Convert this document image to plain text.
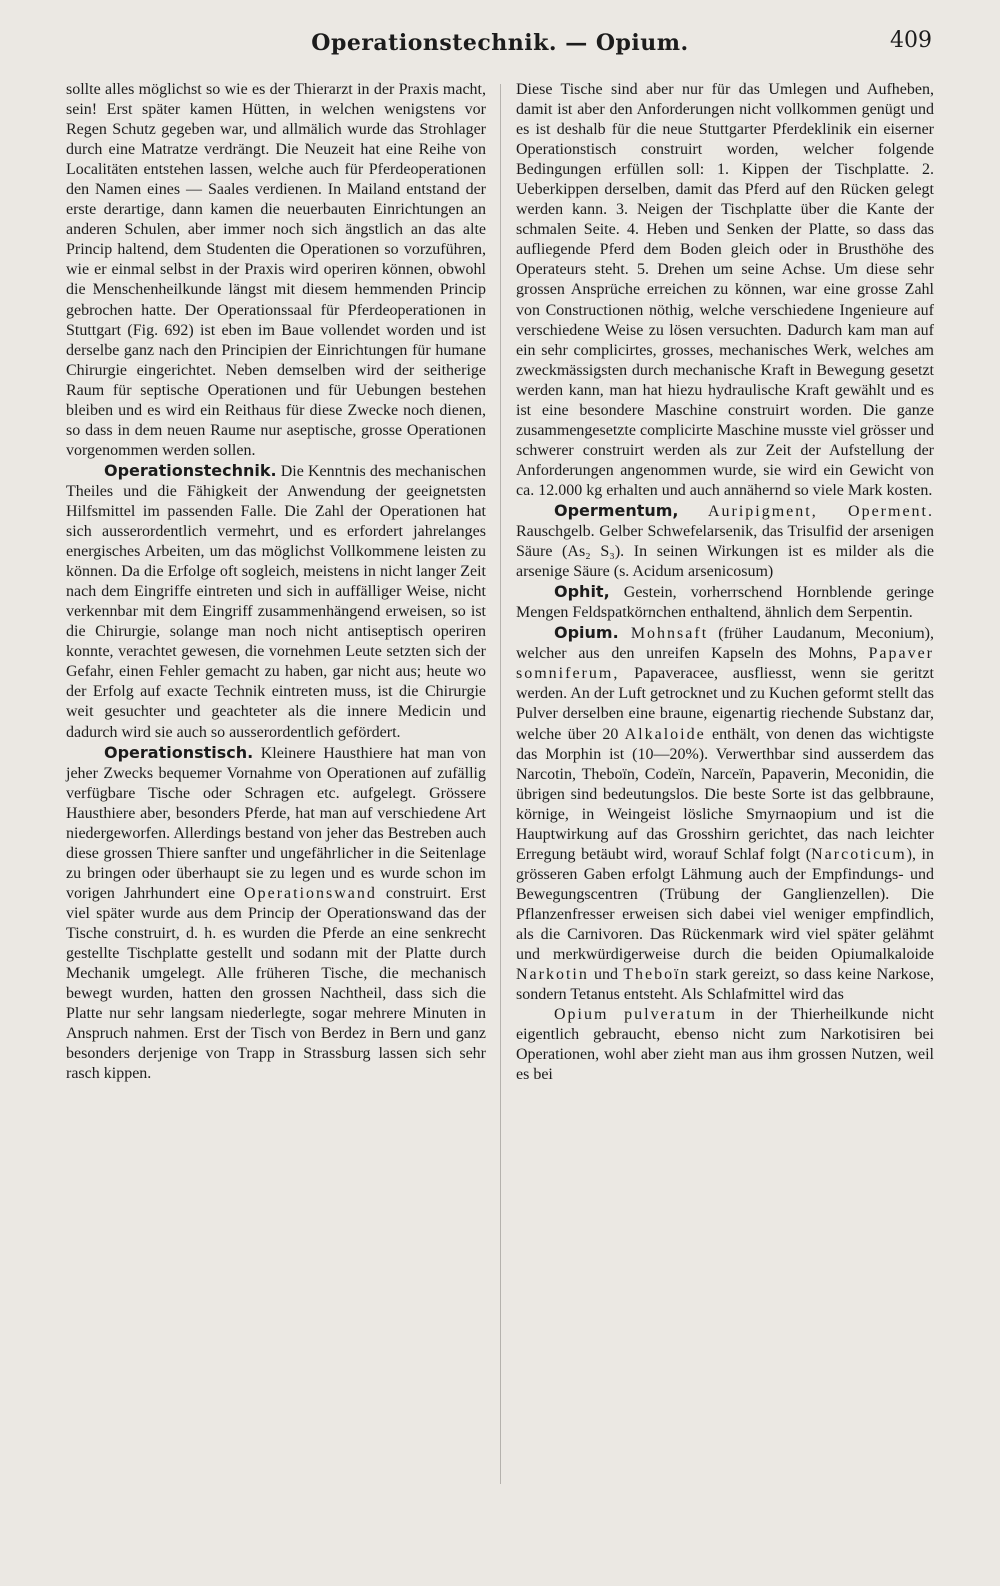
Operationstechnik. — Opium.	409

sollte alles möglichst so wie es der Thierarzt in der Praxis macht, sein! Erst später kamen Hütten, in welchen wenigstens vor Regen Schutz gegeben war, und allmälich wurde das Strohlager durch eine Matratze verdrängt. Die Neuzeit hat eine Reihe von Localitäten entstehen lassen, welche auch für Pferdeoperationen den Namen eines — Saales verdienen. In Mailand entstand der erste derartige, dann kamen die neuerbauten Einrichtungen an anderen Schulen, aber immer noch sich ängstlich an das alte Princip haltend, dem Studenten die Operationen so vorzuführen, wie er einmal selbst in der Praxis wird operiren können, obwohl die Menschenheilkunde längst mit diesem hemmenden Princip gebrochen hatte. Der Operationssaal für Pferdeoperationen in Stuttgart (Fig. 692) ist eben im Baue vollendet worden und ist derselbe ganz nach den Principien der Einrichtungen für humane Chirurgie eingerichtet. Neben demselben wird der seitherige Raum für septische Operationen und für Uebungen bestehen bleiben und es wird ein Reithaus für diese Zwecke noch dienen, so dass in dem neuen Raume nur aseptische, grosse Operationen vorgenommen werden sollen.

Operationstechnik. Die Kenntnis des mechanischen Theiles und die Fähigkeit der Anwendung der geeignetsten Hilfsmittel im passenden Falle. Die Zahl der Operationen hat sich ausserordentlich vermehrt, und es erfordert jahrelanges energisches Arbeiten, um das möglichst Vollkommene leisten zu können. Da die Erfolge oft sogleich, meistens in nicht langer Zeit nach dem Eingriffe eintreten und sich in auffälliger Weise, nicht verkennbar mit dem Eingriff zusammenhängend erweisen, so ist die Chirurgie, solange man noch nicht antiseptisch operiren konnte, verachtet gewesen, die vornehmen Leute setzten sich der Gefahr, einen Fehler gemacht zu haben, gar nicht aus; heute wo der Erfolg auf exacte Technik eintreten muss, ist die Chirurgie weit gesuchter und geachteter als die innere Medicin und dadurch wird sie auch so ausserordentlich gefördert.

Operationstisch. Kleinere Hausthiere hat man von jeher Zwecks bequemer Vornahme von Operationen auf zufällig verfügbare Tische oder Schragen etc. aufgelegt. Grössere Hausthiere aber, besonders Pferde, hat man auf verschiedene Art niedergeworfen. Allerdings bestand von jeher das Bestreben auch diese grossen Thiere sanfter und ungefährlicher in die Seitenlage zu bringen oder überhaupt sie zu legen und es wurde schon im vorigen Jahrhundert eine Operationswand construirt. Erst viel später wurde aus dem Princip der Operationswand das der Tische construirt, d. h. es wurden die Pferde an eine senkrecht gestellte Tischplatte gestellt und sodann mit der Platte durch Mechanik umgelegt. Alle früheren Tische, die mechanisch bewegt wurden, hatten den grossen Nachtheil, dass sich die Platte nur sehr langsam niederlegte, sogar mehrere Minuten in Anspruch nahmen. Erst der Tisch von Berdez in Bern und ganz besonders derjenige von Trapp in Strassburg lassen sich sehr rasch kippen.

Diese Tische sind aber nur für das Umlegen und Aufheben, damit ist aber den Anforderungen nicht vollkommen genügt und es ist deshalb für die neue Stuttgarter Pferdeklinik ein eiserner Operationstisch construirt worden, welcher folgende Bedingungen erfüllen soll: 1. Kippen der Tischplatte. 2. Ueberkippen derselben, damit das Pferd auf den Rücken gelegt werden kann. 3. Neigen der Tischplatte über die Kante der schmalen Seite. 4. Heben und Senken der Platte, so dass das aufliegende Pferd dem Boden gleich oder in Brusthöhe des Operateurs steht. 5. Drehen um seine Achse. Um diese sehr grossen Ansprüche erreichen zu können, war eine grosse Zahl von Constructionen nöthig, welche verschiedene Ingenieure auf verschiedene Weise zu lösen versuchten. Dadurch kam man auf ein sehr complicirtes, grosses, mechanisches Werk, welches am zweckmässigsten durch mechanische Kraft in Bewegung gesetzt werden kann, man hat hiezu hydraulische Kraft gewählt und es ist eine besondere Maschine construirt worden. Die ganze zusammengesetzte complicirte Maschine musste viel grösser und schwerer construirt werden als zur Zeit der Aufstellung der Anforderungen angenommen wurde, sie wird ein Gewicht von ca. 12.000 kg erhalten und auch annähernd so viele Mark kosten.

Opermentum, Auripigment, Operment. Rauschgelb. Gelber Schwefelarsenik, das Trisulfid der arsenigen Säure (As₂ S₃). In seinen Wirkungen ist es milder als die arsenige Säure (s. Acidum arsenicosum)

Ophit, Gestein, vorherrschend Hornblende geringe Mengen Feldspatkörnchen enthaltend, ähnlich dem Serpentin.

Opium. Mohnsaft (früher Laudanum, Meconium), welcher aus den unreifen Kapseln des Mohns, Papaver somniferum, Papaveracee, ausfliesst, wenn sie geritzt werden. An der Luft getrocknet und zu Kuchen geformt stellt das Pulver derselben eine braune, eigenartig riechende Substanz dar, welche über 20 Alkaloide enthält, von denen das wichtigste das Morphin ist (10—20%). Verwerthbar sind ausserdem das Narcotin, Theboïn, Codeïn, Narceïn, Papaverin, Meconidin, die übrigen sind bedeutungslos. Die beste Sorte ist das gelbbraune, körnige, in Weingeist lösliche Smyrnaopium und ist die Hauptwirkung auf das Grosshirn gerichtet, das nach leichter Erregung betäubt wird, worauf Schlaf folgt (Narcoticum), in grösseren Gaben erfolgt Lähmung auch der Empfindungs- und Bewegungscentren (Trübung der Ganglienzellen). Die Pflanzenfresser erweisen sich dabei viel weniger empfindlich, als die Carnivoren. Das Rückenmark wird viel später gelähmt und merkwürdigerweise durch die beiden Opiumalkaloide Narkotin und Theboïn stark gereizt, so dass keine Narkose, sondern Tetanus entsteht. Als Schlafmittel wird das

Opium pulveratum in der Thierheilkunde nicht eigentlich gebraucht, ebenso nicht zum Narkotisiren bei Operationen, wohl aber zieht man aus ihm grossen Nutzen, weil es bei
